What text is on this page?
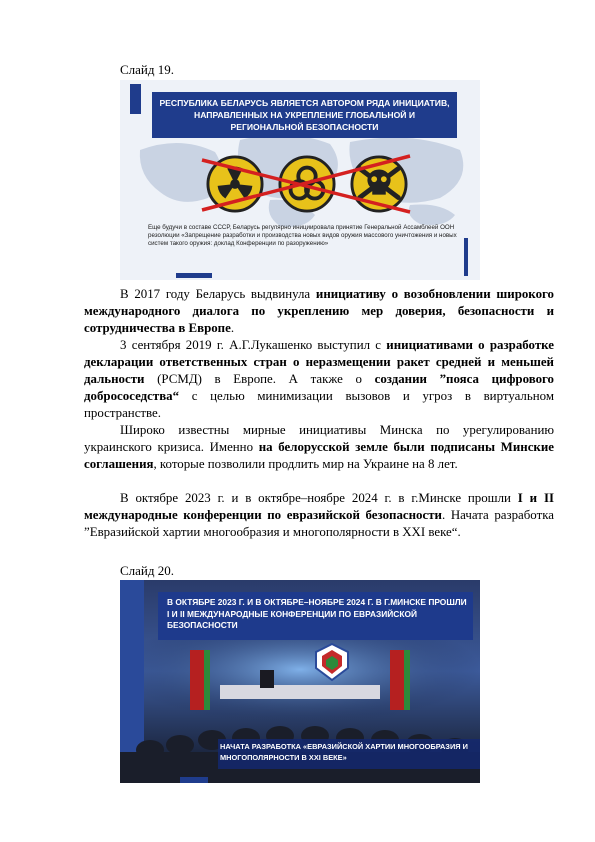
Слайд 19.
РЕСПУБЛИКА БЕЛАРУСЬ ЯВЛЯЕТСЯ АВТОРОМ РЯДА ИНИЦИАТИВ, НАПРАВЛЕННЫХ НА УКРЕПЛЕНИЕ ГЛОБАЛЬНОЙ И РЕГИОНАЛЬНОЙ БЕЗОПАСНОСТИ
Еще будучи в составе СССР, Беларусь регулярно инициировала принятие Генеральной Ассамблеей ООН резолюции «Запрещение разработки и производства новых видов оружия массового уничтожения и новых систем такого оружия: доклад Конференции по разоружению»

В 2017 году Беларусь выдвинула инициативу о возобновлении широкого международного диалога по укреплению мер доверия, безопасности и сотрудничества в Европе.

3 сентября 2019 г. А.Г.Лукашенко выступил с инициативами о разработке декларации ответственных стран о неразмещении ракет средней и меньшей дальности (РСМД) в Европе. А также о создании ”пояса цифрового добрососедства“ с целью минимизации вызовов и угроз в виртуальном пространстве.

Широко известны мирные инициативы Минска по урегулированию украинского кризиса. Именно на белорусской земле были подписаны Минские соглашения, которые позволили продлить мир на Украине на 8 лет.

В октябре 2023 г. и в октябре–ноябре 2024 г. в г.Минске прошли I и II международные конференции по евразийской безопасности. Начата разработка ”Евразийской хартии многообразия и многополярности в XXI веке“.

Слайд 20.
В ОКТЯБРЕ 2023 Г. И В ОКТЯБРЕ–НОЯБРЕ 2024 Г. В Г.МИНСКЕ ПРОШЛИ I И II МЕЖДУНАРОДНЫЕ КОНФЕРЕНЦИИ ПО ЕВРАЗИЙСКОЙ БЕЗОПАСНОСТИ
НАЧАТА РАЗРАБОТКА «ЕВРАЗИЙСКОЙ ХАРТИИ МНОГООБРАЗИЯ И МНОГОПОЛЯРНОСТИ В XXI ВЕКЕ»
